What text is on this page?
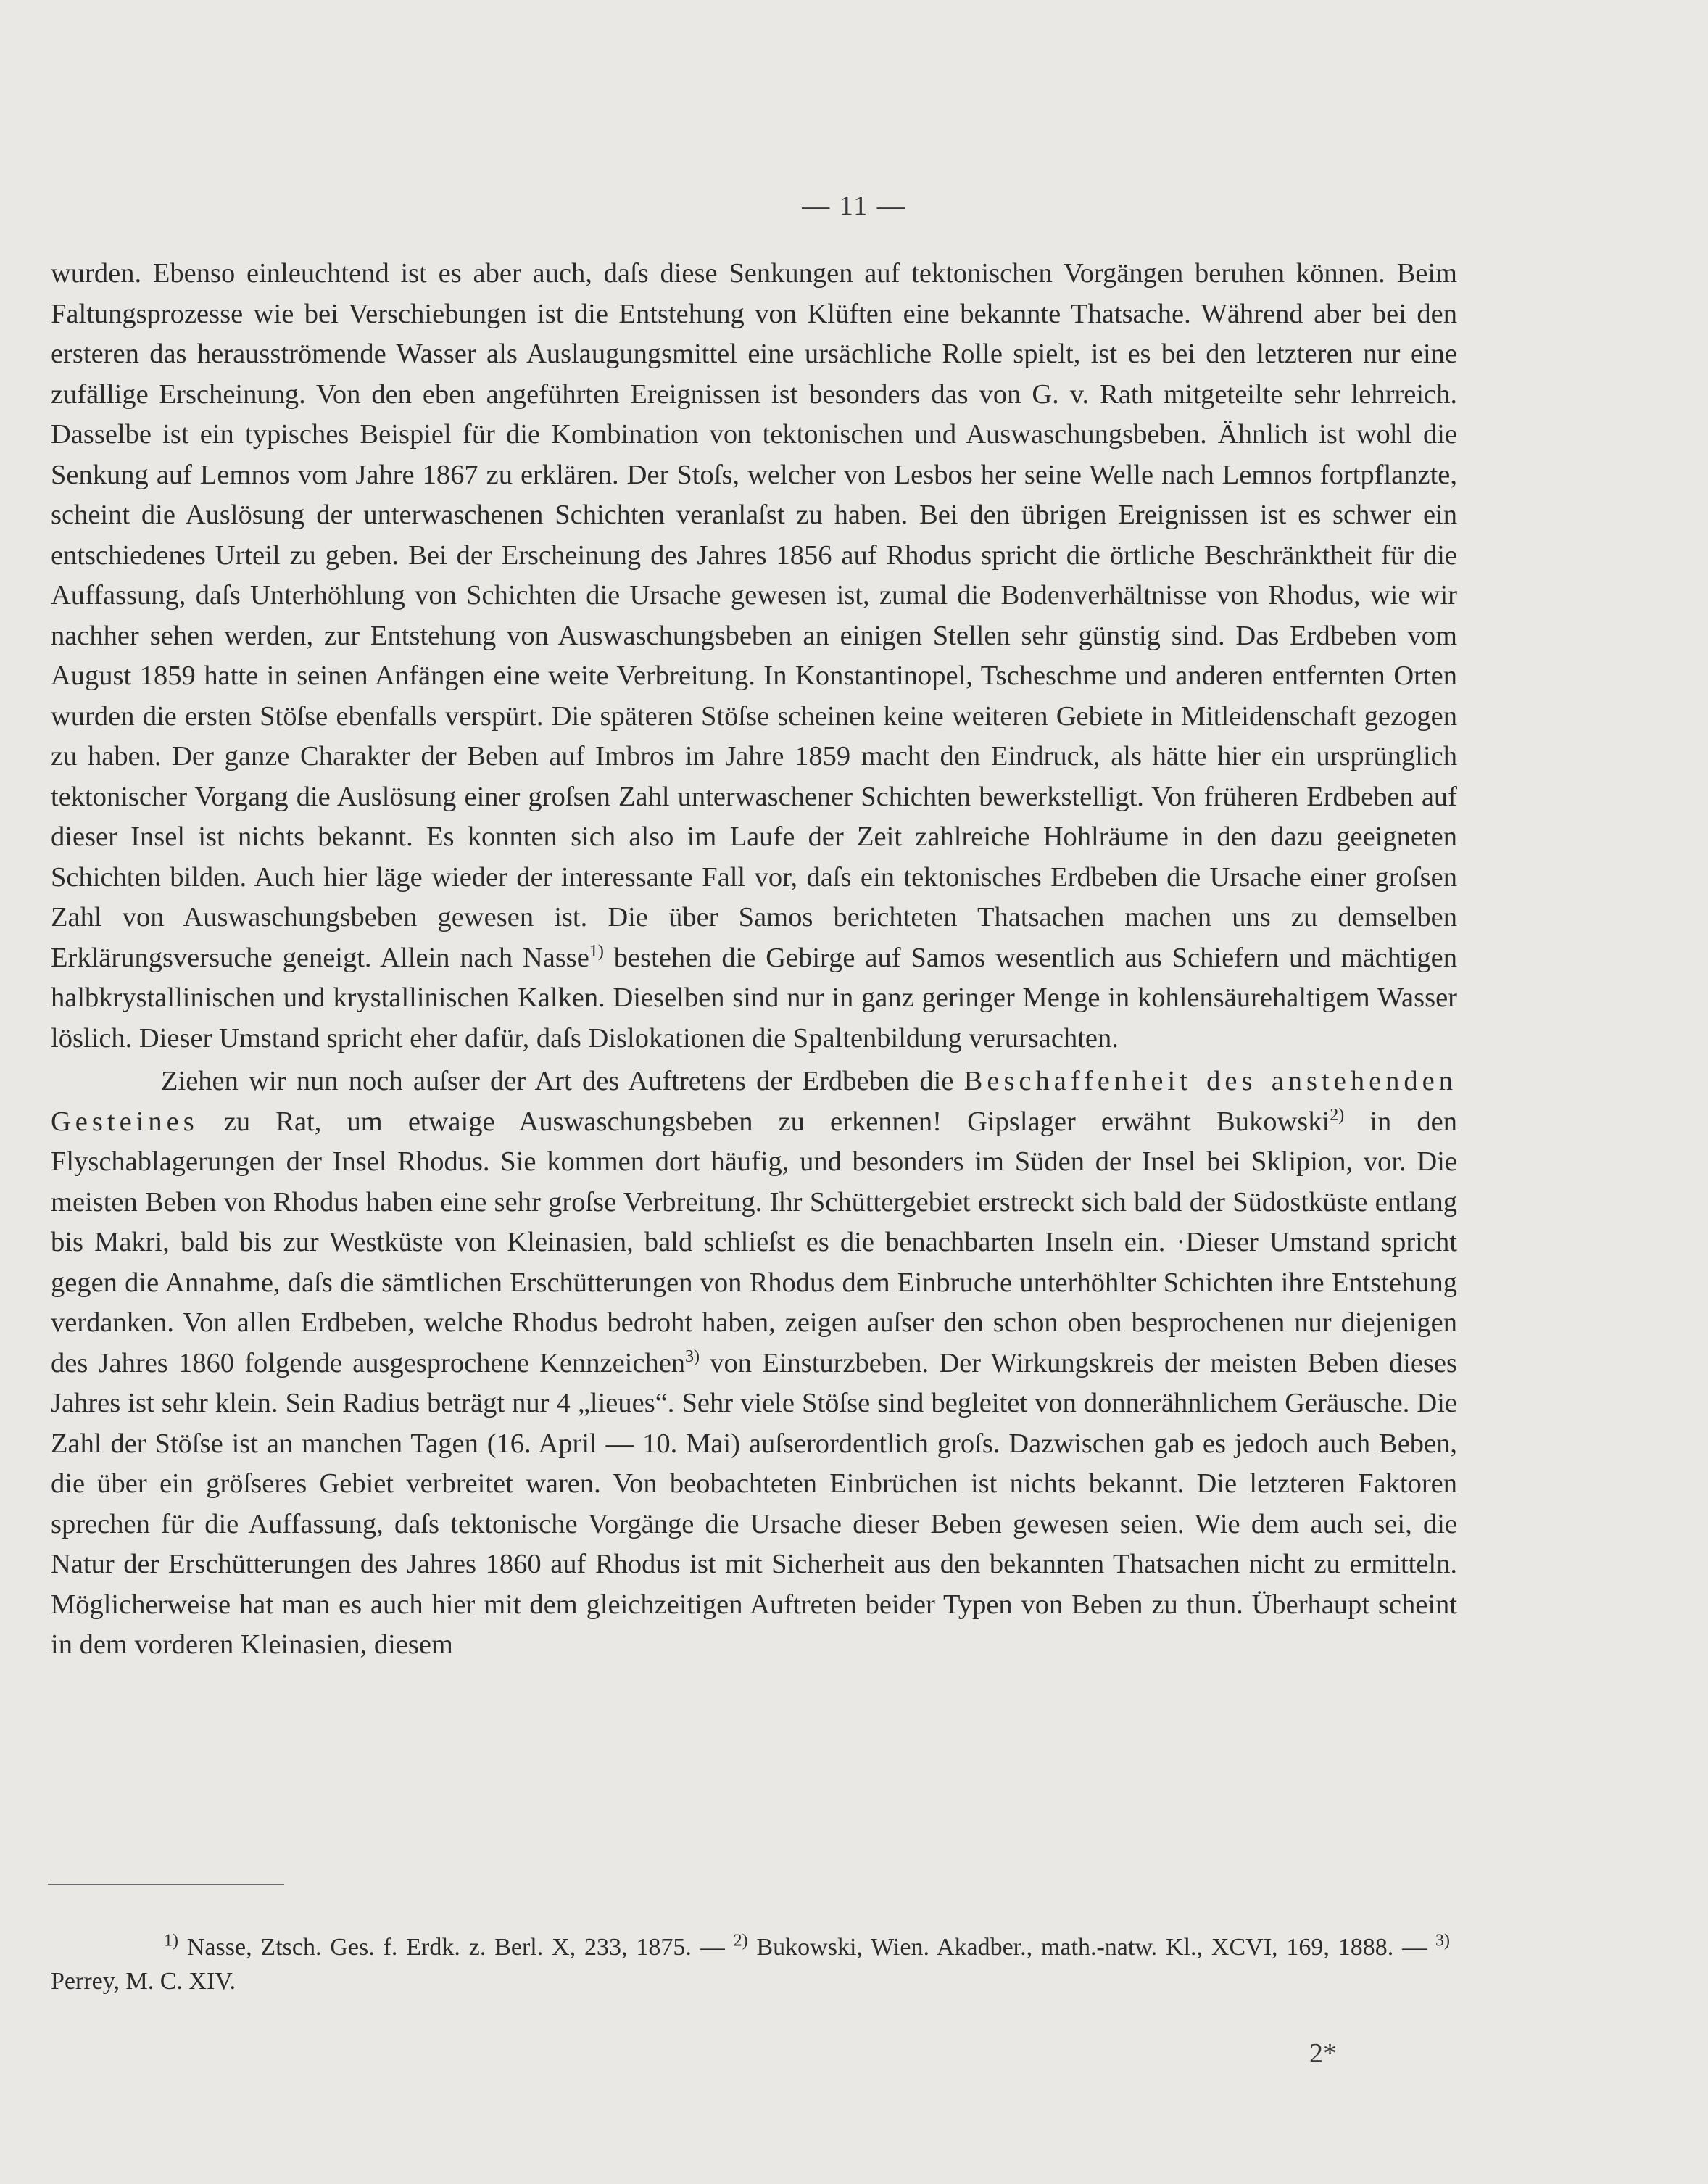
— 11 —

wurden. Ebenso einleuchtend ist es aber auch, daſs diese Senkungen auf tektonischen Vorgängen beruhen können. Beim Faltungsprozesse wie bei Verschiebungen ist die Entstehung von Klüften eine bekannte Thatsache. Während aber bei den ersteren das herausströmende Wasser als Auslaugungsmittel eine ursächliche Rolle spielt, ist es bei den letzteren nur eine zufällige Erscheinung. Von den eben angeführten Ereignissen ist besonders das von G. v. Rath mitgeteilte sehr lehrreich. Dasselbe ist ein typisches Beispiel für die Kombination von tektonischen und Auswaschungsbeben. Ähnlich ist wohl die Senkung auf Lemnos vom Jahre 1867 zu erklären. Der Stoſs, welcher von Lesbos her seine Welle nach Lemnos fortpflanzte, scheint die Auslösung der unterwaschenen Schichten veranlaſst zu haben. Bei den übrigen Ereignissen ist es schwer ein entschiedenes Urteil zu geben. Bei der Erscheinung des Jahres 1856 auf Rhodus spricht die örtliche Beschränktheit für die Auffassung, daſs Unterhöhlung von Schichten die Ursache gewesen ist, zumal die Bodenverhältnisse von Rhodus, wie wir nachher sehen werden, zur Entstehung von Auswaschungsbeben an einigen Stellen sehr günstig sind. Das Erdbeben vom August 1859 hatte in seinen Anfängen eine weite Verbreitung. In Konstantinopel, Tscheschme und anderen entfernten Orten wurden die ersten Stöſse ebenfalls verspürt. Die späteren Stöſse scheinen keine weiteren Gebiete in Mitleidenschaft gezogen zu haben. Der ganze Charakter der Beben auf Imbros im Jahre 1859 macht den Eindruck, als hätte hier ein ursprünglich tektonischer Vorgang die Auslösung einer groſsen Zahl unterwaschener Schichten bewerkstelligt. Von früheren Erdbeben auf dieser Insel ist nichts bekannt. Es konnten sich also im Laufe der Zeit zahlreiche Hohlräume in den dazu geeigneten Schichten bilden. Auch hier läge wieder der interessante Fall vor, daſs ein tektonisches Erdbeben die Ursache einer groſsen Zahl von Auswaschungsbeben gewesen ist. Die über Samos berichteten Thatsachen machen uns zu demselben Erklärungsversuche geneigt. Allein nach Nasse$^{1)}$ bestehen die Gebirge auf Samos wesentlich aus Schiefern und mächtigen halbkrystallinischen und krystallinischen Kalken. Dieselben sind nur in ganz geringer Menge in kohlensäurehaltigem Wasser löslich. Dieser Umstand spricht eher dafür, daſs Dislokationen die Spaltenbildung verursachten.

Ziehen wir nun noch auſser der Art des Auftretens der Erdbeben die Beschaffenheit des anstehenden Gesteines zu Rat, um etwaige Auswaschungsbeben zu erkennen! Gipslager erwähnt Bukowski$^{2)}$ in den Flyschablagerungen der Insel Rhodus. Sie kommen dort häufig, und besonders im Süden der Insel bei Sklipion, vor. Die meisten Beben von Rhodus haben eine sehr groſse Verbreitung. Ihr Schüttergebiet erstreckt sich bald der Südostküste entlang bis Makri, bald bis zur Westküste von Kleinasien, bald schlieſst es die benachbarten Inseln ein. ·Dieser Umstand spricht gegen die Annahme, daſs die sämtlichen Erschütterungen von Rhodus dem Einbruche unterhöhlter Schichten ihre Entstehung verdanken. Von allen Erdbeben, welche Rhodus bedroht haben, zeigen auſser den schon oben besprochenen nur diejenigen des Jahres 1860 folgende ausgesprochene Kennzeichen$^{3)}$ von Einsturzbeben. Der Wirkungskreis der meisten Beben dieses Jahres ist sehr klein. Sein Radius beträgt nur 4 „lieues“. Sehr viele Stöſse sind begleitet von donnerähnlichem Geräusche. Die Zahl der Stöſse ist an manchen Tagen (16. April — 10. Mai) auſserordentlich groſs. Dazwischen gab es jedoch auch Beben, die über ein gröſseres Gebiet verbreitet waren. Von beobachteten Einbrüchen ist nichts bekannt. Die letzteren Faktoren sprechen für die Auffassung, daſs tektonische Vorgänge die Ursache dieser Beben gewesen seien. Wie dem auch sei, die Natur der Erschütterungen des Jahres 1860 auf Rhodus ist mit Sicherheit aus den bekannten Thatsachen nicht zu ermitteln. Möglicherweise hat man es auch hier mit dem gleichzeitigen Auftreten beider Typen von Beben zu thun. Überhaupt scheint in dem vorderen Kleinasien, diesem

$^{1)}$ Nasse, Ztsch. Ges. f. Erdk. z. Berl. X, 233, 1875. — $^{2)}$ Bukowski, Wien. Akadber., math.-natw. Kl., XCVI, 169, 1888. — $^{3)}$ Perrey, M. C. XIV.

2*
